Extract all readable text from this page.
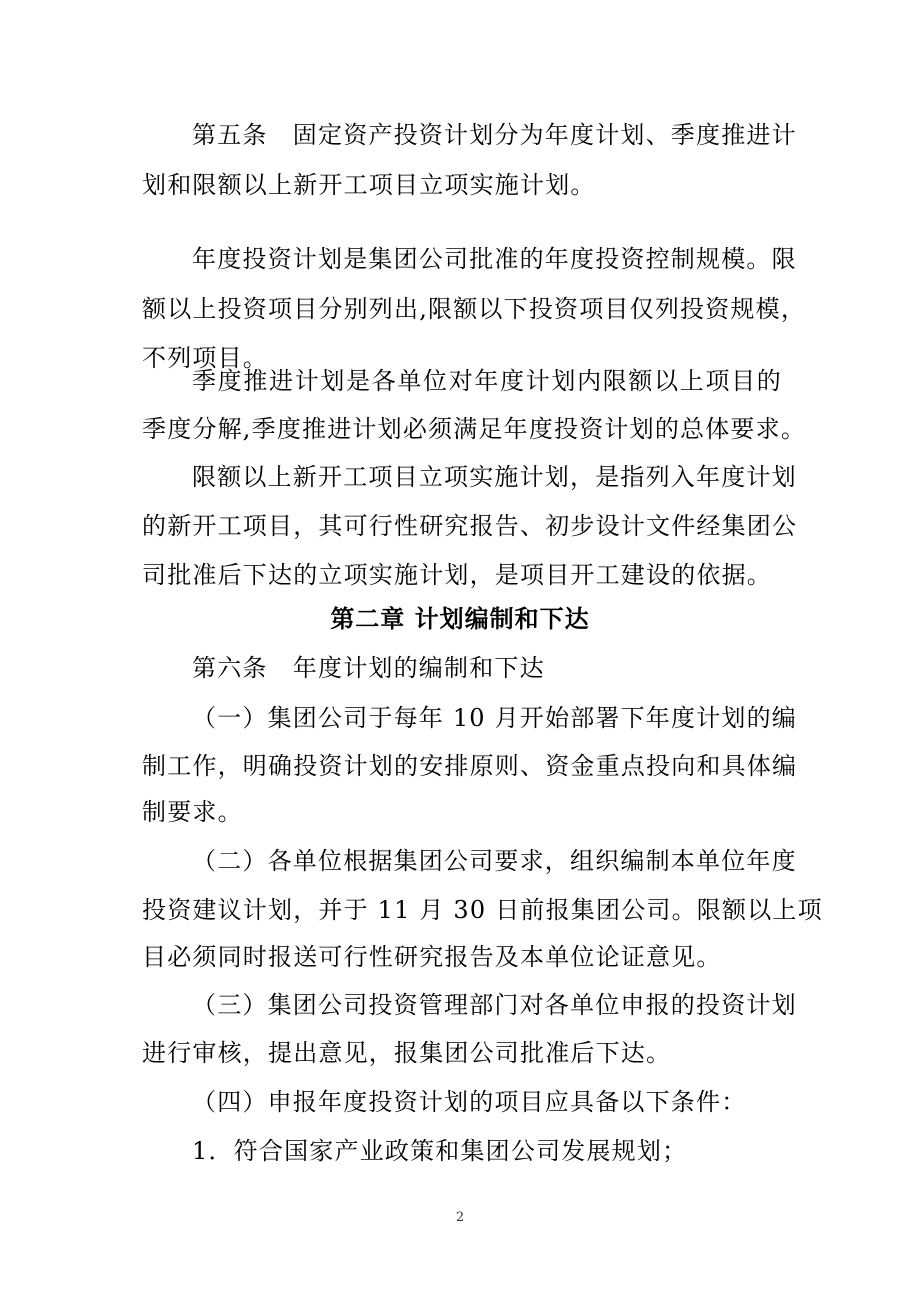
第五条　固定资产投资计划分为年度计划、季度推进计
划和限额以上新开工项目立项实施计划。
年度投资计划是集团公司批准的年度投资控制规模。限
额以上投资项目分别列出,限额以下投资项目仅列投资规模，
不列项目。
季度推进计划是各单位对年度计划内限额以上项目的
季度分解,季度推进计划必须满足年度投资计划的总体要求。
限额以上新开工项目立项实施计划，是指列入年度计划
的新开工项目，其可行性研究报告、初步设计文件经集团公
司批准后下达的立项实施计划，是项目开工建设的依据。
第二章 计划编制和下达
第六条　年度计划的编制和下达
（一）集团公司于每年 10 月开始部署下年度计划的编
制工作，明确投资计划的安排原则、资金重点投向和具体编
制要求。
（二）各单位根据集团公司要求，组织编制本单位年度
投资建议计划，并于 11 月 30 日前报集团公司。限额以上项
目必须同时报送可行性研究报告及本单位论证意见。
（三）集团公司投资管理部门对各单位申报的投资计划
进行审核，提出意见，报集团公司批准后下达。
（四）申报年度投资计划的项目应具备以下条件：
1．符合国家产业政策和集团公司发展规划；
2
